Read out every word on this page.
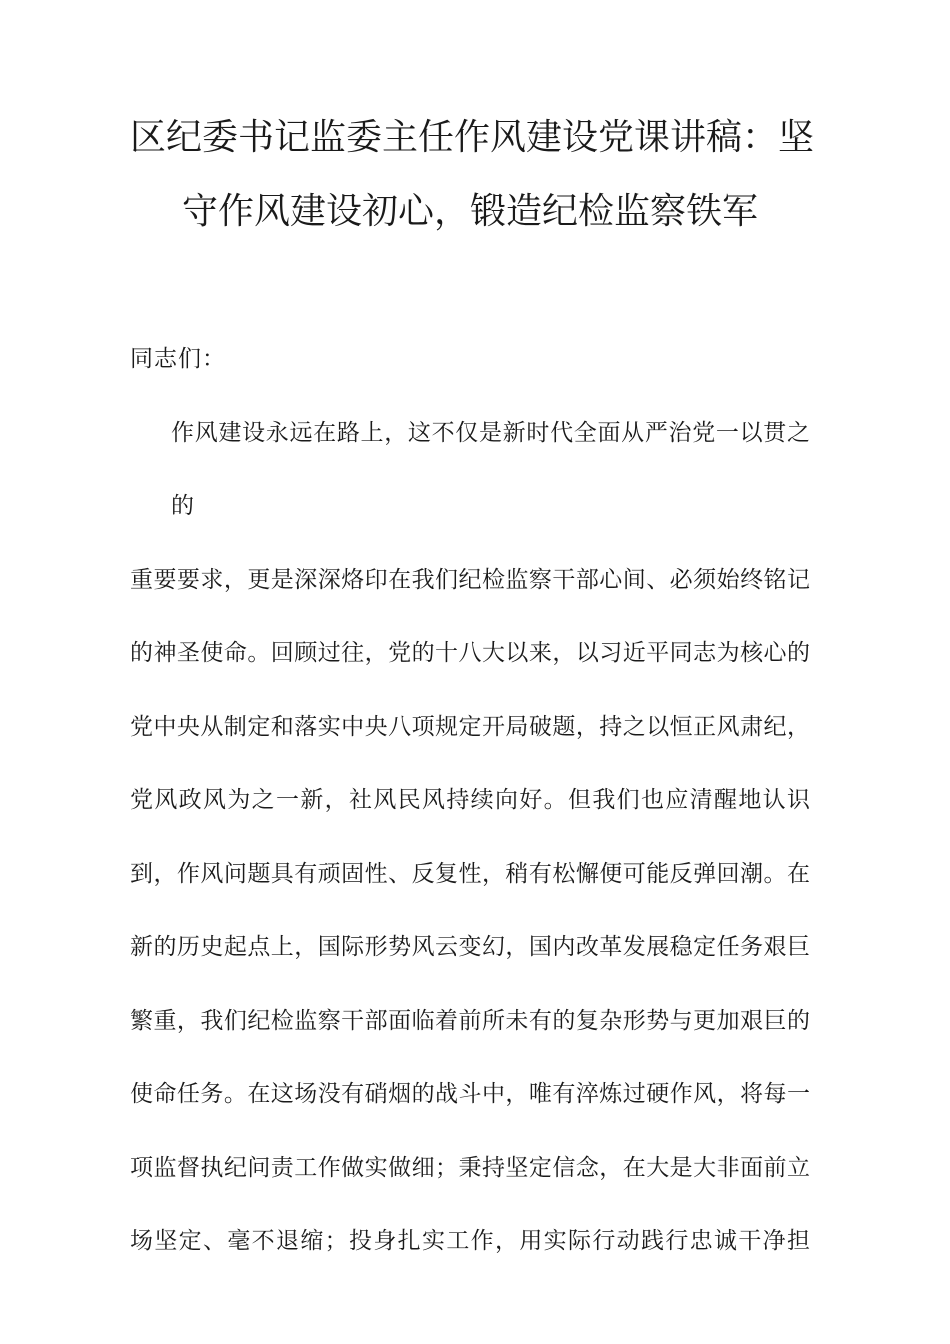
区纪委书记监委主任作风建设党课讲稿：坚
守作风建设初心，锻造纪检监察铁军
同志们：
作风建设永远在路上，这不仅是新时代全面从严治党一以贯之的
重要要求，更是深深烙印在我们纪检监察干部心间、必须始终铭记
的神圣使命。回顾过往，党的十八大以来，以习近平同志为核心的
党中央从制定和落实中央八项规定开局破题，持之以恒正风肃纪，
党风政风为之一新，社风民风持续向好。但我们也应清醒地认识
到，作风问题具有顽固性、反复性，稍有松懈便可能反弹回潮。在
新的历史起点上，国际形势风云变幻，国内改革发展稳定任务艰巨
繁重，我们纪检监察干部面临着前所未有的复杂形势与更加艰巨的
使命任务。在这场没有硝烟的战斗中，唯有淬炼过硬作风，将每一
项监督执纪问责工作做实做细；秉持坚定信念，在大是大非面前立
场坚定、毫不退缩；投身扎实工作，用实际行动践行忠诚干净担
